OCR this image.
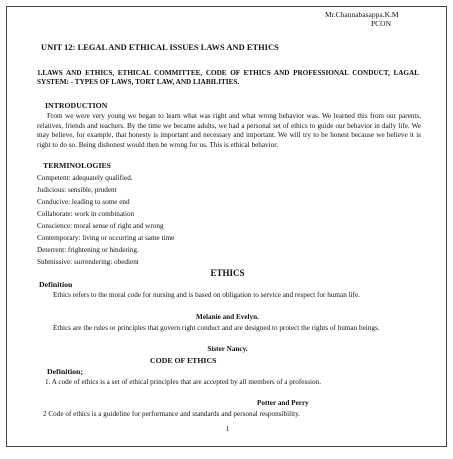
Mr.Channabasappa.K.M
PCON
UNIT 12: LEGAL AND ETHICAL ISSUES LAWS AND ETHICS
1.LAWS AND ETHICS, ETHICAL COMMITTEE, CODE OF ETHICS AND PROFESSIONAL CONDUCT, LAGAL SYSTEM: - TYPES OF LAWS, TORT LAW, AND LIABILITIES.
INTRODUCTION
From we were very young we began to learn what was right and what wrong behavior was. We learned this from our parents, relatives, friends and teachers. By the time we became adults, we had a personal set of ethics to guide our behavior in daily life. We may believe, for example, that honesty is important and necessary and important. We will try to be honest because we believe it is right to do so. Being dishonest would then be wrong for us. This is ethical behavior.
TERMINOLOGIES
Competent: adequately qualified.
Judicious: sensible, prudent
Conducive: leading to some end
Collaborate: work in combination
Conscience: moral sense of right and wrong
Contemporary: living or occurring at same time
Deterrent: frightening or hindering.
Submissive: surrendering: obedient
ETHICS
Definition
Ethics refers to the moral code for nursing and is based on obligation to service and respect for human life.
Melanie and Evelyn.
Ethics are the rules or principles that govern right conduct and are designed to protect the rights of human beings.
Sister Nancy.
CODE OF ETHICS
Definition;
1. A code of ethics is a set of ethical principles that are accepted by all members of a profession.
Potter and Perry
2 Code of ethics is a guideline for performance and standards and personal responsibility.
1
